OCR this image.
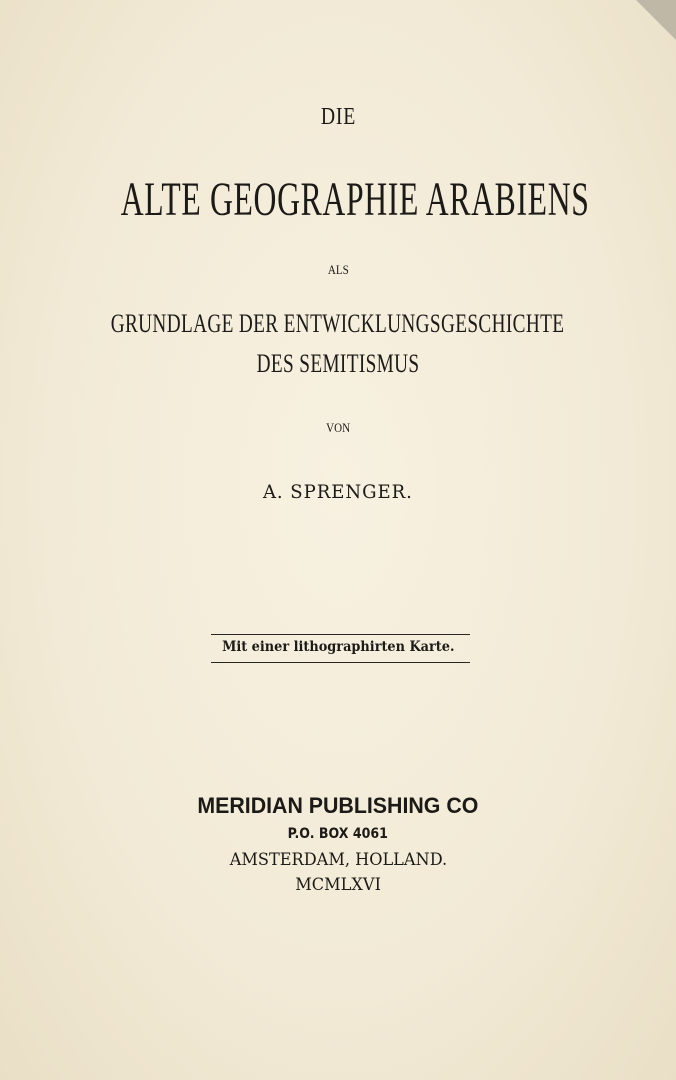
DIE
ALTE GEOGRAPHIE ARABIENS
ALS
GRUNDLAGE DER ENTWICKLUNGSGESCHICHTE
DES SEMITISMUS
VON
A. SPRENGER.
Mit einer lithographirten Karte.
MERIDIAN PUBLISHING CO
P.O. BOX 4061
AMSTERDAM, HOLLAND.
MCMLXVI
